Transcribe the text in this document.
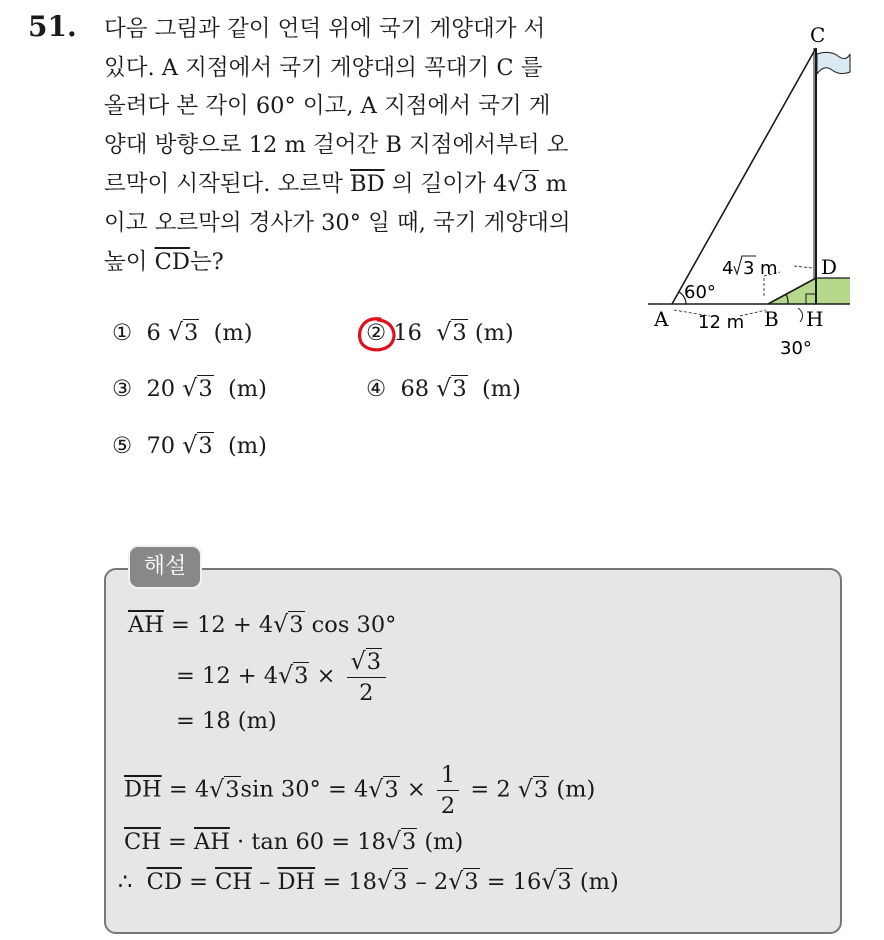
51. 다음 그림과 같이 언덕 위에 국기 게양대가 서
있다. A 지점에서 국기 게양대의 꼭대기 C 를
올려다 본 각이 60° 이고, A 지점에서 국기 게
양대 방향으로 12 m 걸어간 B 지점에서부터 오
르막이 시작된다. 오르막 $\overline{BD}$ 의 길이가 4√3 m
이고 오르막의 경사가 30° 일 때, 국기 게양대의
높이 $\overline{CD}$는?
① 6 √3 (m)	② 16 √3 (m)
③ 20 √3 (m)	④ 68 √3 (m)
⑤ 70 √3 (m)
C
D
A	B H
60°
12 m
30°
4 3 m
해설
$\overline{AH} = 12 + 4√3$ cos 30°
= $12 + 4√3 \times \frac{√3}{2}$
= 18 (m)
$\overline{DH} = 4√3\sin$ $30^\circ = 4√3 \times \frac{1}{2} = 2$ √3 (m)
$\overline{CH} = \overline{AH} \cdot \tan 60 = 18√3$ (m)
∴ $\overline{CD} = \overline{CH} - \overline{DH} = 18√3 - 2√3 = 16√3$ (m)
